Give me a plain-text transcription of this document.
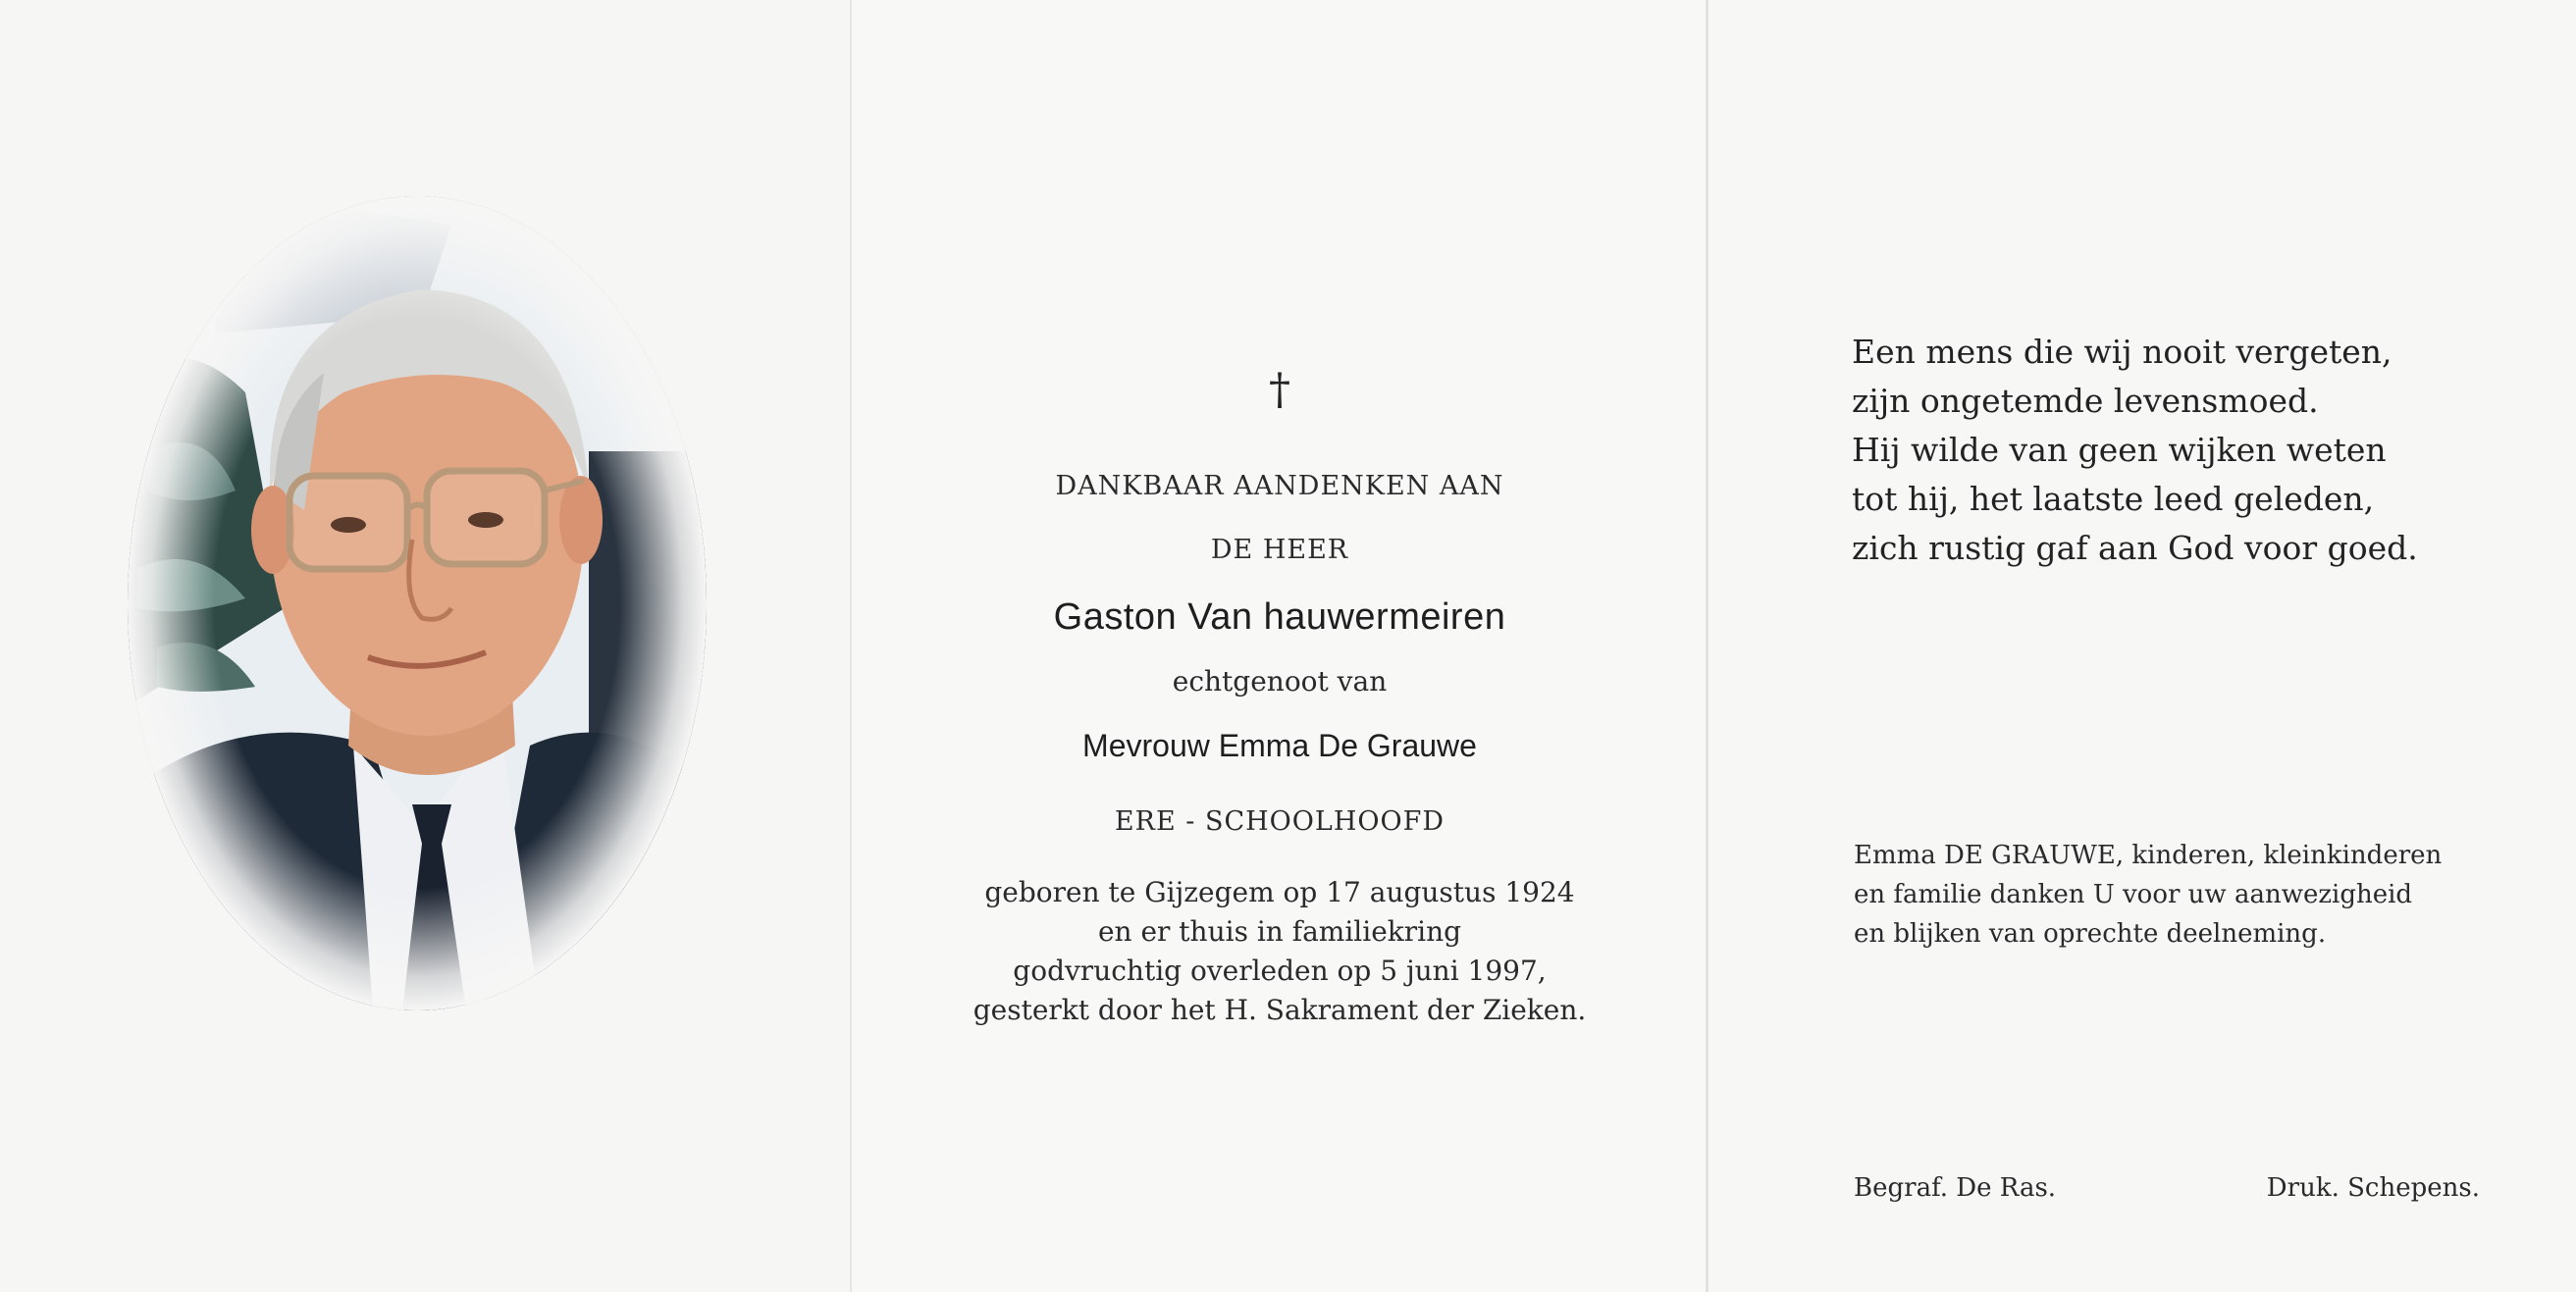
†
DANKBAAR AANDENKEN AAN
DE HEER
Gaston Van hauwermeiren
echtgenoot van
Mevrouw Emma De Grauwe
ERE - SCHOOLHOOFD
geboren te Gijzegem op 17 augustus 1924
en er thuis in familiekring
godvruchtig overleden op 5 juni 1997,
gesterkt door het H. Sakrament der Zieken.
Een mens die wij nooit vergeten,
zijn ongetemde levensmoed.
Hij wilde van geen wijken weten
tot hij, het laatste leed geleden,
zich rustig gaf aan God voor goed.
Emma DE GRAUWE, kinderen, kleinkinderen
en familie danken U voor uw aanwezigheid
en blijken van oprechte deelneming.
Begraf. De Ras.	Druk. Schepens.
